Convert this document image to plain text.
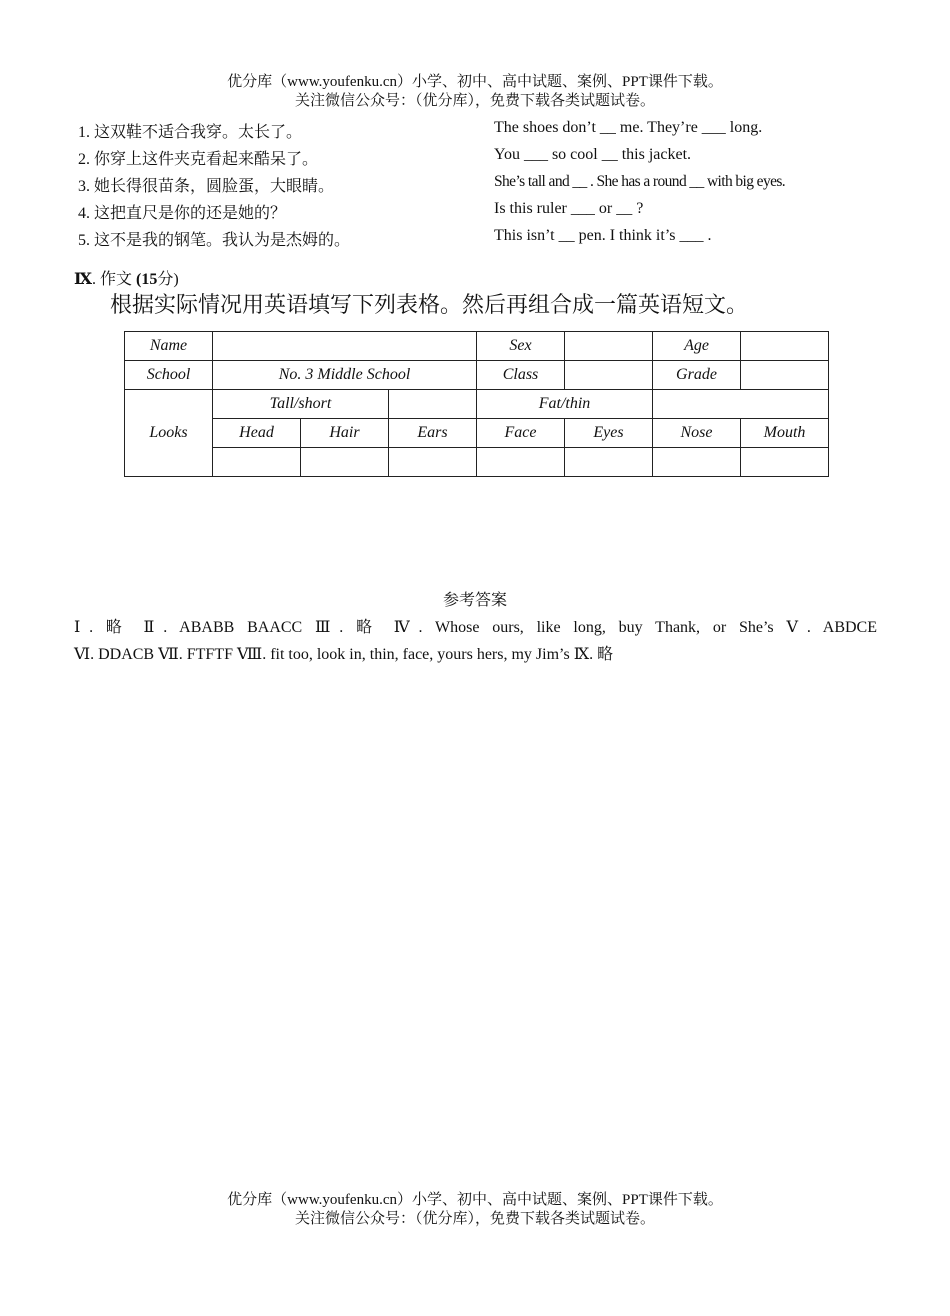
优分库（www.youfenku.cn）小学、初中、高中试题、案例、PPT课件下载。
关注微信公众号：（优分库），免费下载各类试题试卷。
1. 这双鞋不适合我穿。太长了。	The shoes don’t __ me. They’re ___ long.
2. 你穿上这件夹克看起来酷呆了。	You ___ so cool __ this jacket.
3. 她长得很苗条，圆脸蛋，大眼睛。	She’s tall and __ . She has a round __ with big eyes.
4. 这把直尺是你的还是她的？	Is this ruler ___ or __ ?
5. 这不是我的钢笔。我认为是杰姆的。	This isn’t __ pen. I think it’s ___ .
Ⅸ. 作文 (15分)
根据实际情况用英语填写下列表格。然后再组合成一篇英语短文。
Name				Sex		Age	
School	No. 3 Middle School			Class		Grade	
Looks	Tall/short			Fat/thin			
	Head	Hair	Ears	Face	Eyes	Nose	Mouth

参考答案
Ⅰ. 略 Ⅱ. ABABB BAACC Ⅲ. 略 Ⅳ. Whose ours, like long, buy Thank, or She’s Ⅴ. ABDCE
Ⅵ. DDACB Ⅶ. FTFTF Ⅷ. fit too, look in, thin, face, yours hers, my Jim’s Ⅸ. 略
优分库（www.youfenku.cn）小学、初中、高中试题、案例、PPT课件下载。
关注微信公众号：（优分库），免费下载各类试题试卷。
